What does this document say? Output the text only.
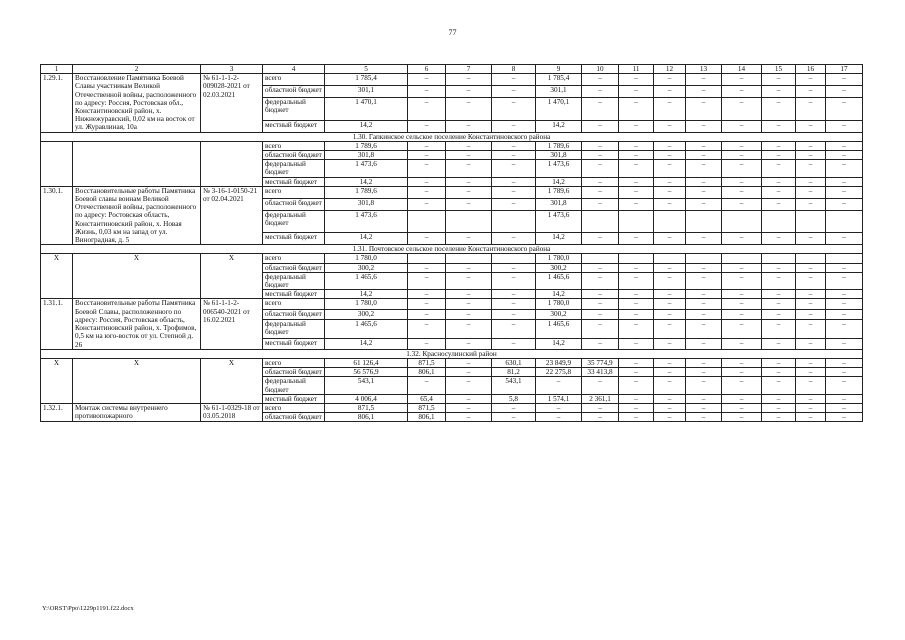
77
1	2	3	4	5	6	7	8	9	10	11	12	13	14	15	16	17
1.29.1.	Восстановление Памятника Боевой Славы участникам Великой Отечественной войны, расположенного по адресу: Россия, Ростовская обл., Константиновский район, х. Нижнежуравский, 0,02 км на восток от ул. Журавлиная, 10а	№ 61-1-1-2-009028-2021 от 02.03.2021	всего	1 785,4	–	–	–	1 785,4	–	–	–	–	–	–	–	–
			областной бюджет	301,1	–	–	–	301,1	–	–	–	–	–	–	–	–
			федеральный бюджет	1 470,1	–	–	–	1 470,1	–	–	–	–	–	–	–	–
			местный бюджет	14,2	–	–	–	14,2	–	–	–	–	–	–	–	–
1.30. Гапкинское сельское поселение Константиновского района																
			всего	1 789,6	–	–	–	1 789,6	–	–	–	–	–	–	–	–
			областной бюджет	301,8	–	–	–	301,8	–	–	–	–	–	–	–	–
			федеральный бюджет	1 473,6	–	–	–	1 473,6	–	–	–	–	–	–	–	–
			местный бюджет	14,2	–	–	–	14,2	–	–	–	–	–	–	–	–
1.30.1.	Восстановительные работы Памятника Боевой славы воинам Великой Отечественной войны, расположенного по адресу: Ростовская область, Константиновский район, х. Новая Жизнь, 0,03 км на запад от ул. Виноградная, д. 5	№ 3-16-1-0150-21 от 02.04.2021	всего	1 789,6	–	–	–	1 789,6	–	–	–	–	–	–	–	–
			областной бюджет	301,8	–	–	–	301,8	–	–	–	–	–	–	–	–
			федеральный бюджет	1 473,6				1 473,6								
			местный бюджет	14,2	–	–	–	14,2	–	–	–	–	–	–	–	–
1.31. Почтовское сельское поселение Константиновского района																
X	X	X	всего	1 780,0				1 780,0								
			областной бюджет	300,2	–	–	–	300,2	–	–	–	–	–	–	–	–
			федеральный бюджет	1 465,6	–	–	–	1 465,6	–	–	–	–	–	–	–	–
			местный бюджет	14,2	–	–	–	14,2	–	–	–	–	–	–	–	–
1.31.1.	Восстановительные работы Памятника Боевой Славы, расположенного по адресу: Россия, Ростовская область, Константиновский район, х. Трофимов, 0,5 км на юго-восток от ул. Степной д. 26	№ 61-1-1-2-006540-2021 от 16.02.2021	всего	1 780,0	–	–	–	1 780,0	–	–	–	–	–	–	–	–
			областной бюджет	300,2	–	–	–	300,2	–	–	–	–	–	–	–	–
			федеральный бюджет	1 465,6	–	–	–	1 465,6	–	–	–	–	–	–	–	–
			местный бюджет	14,2	–	–	–	14,2	–	–	–	–	–	–	–	–
1.32. Красносулинский район																
X	X	X	всего	61 126,4	871,5	–	630,1	23 849,9	35 774,9	–	–	–	–	–	–	–
			областной бюджет	56 576,9	806,1	–	81,2	22 275,8	33 413,8	–	–	–	–	–	–	–
			федеральный бюджет	543,1	–	–	543,1	–	–	–	–	–	–	–	–	–
			местный бюджет	4 006,4	65,4	–	5,8	1 574,1	2 361,1	–	–	–	–	–	–	–
1.32.1.	Монтаж системы внутреннего противопожарного	№ 61-1-0329-18 от 03.05.2018	всего	871,5	871,5	–	–	–	–	–	–	–	–	–	–	–
			областной бюджет	806,1	806,1	–	–	–	–	–	–	–	–	–	–	–
Y:\ORST\Ppo\1229p1191.f22.docx
